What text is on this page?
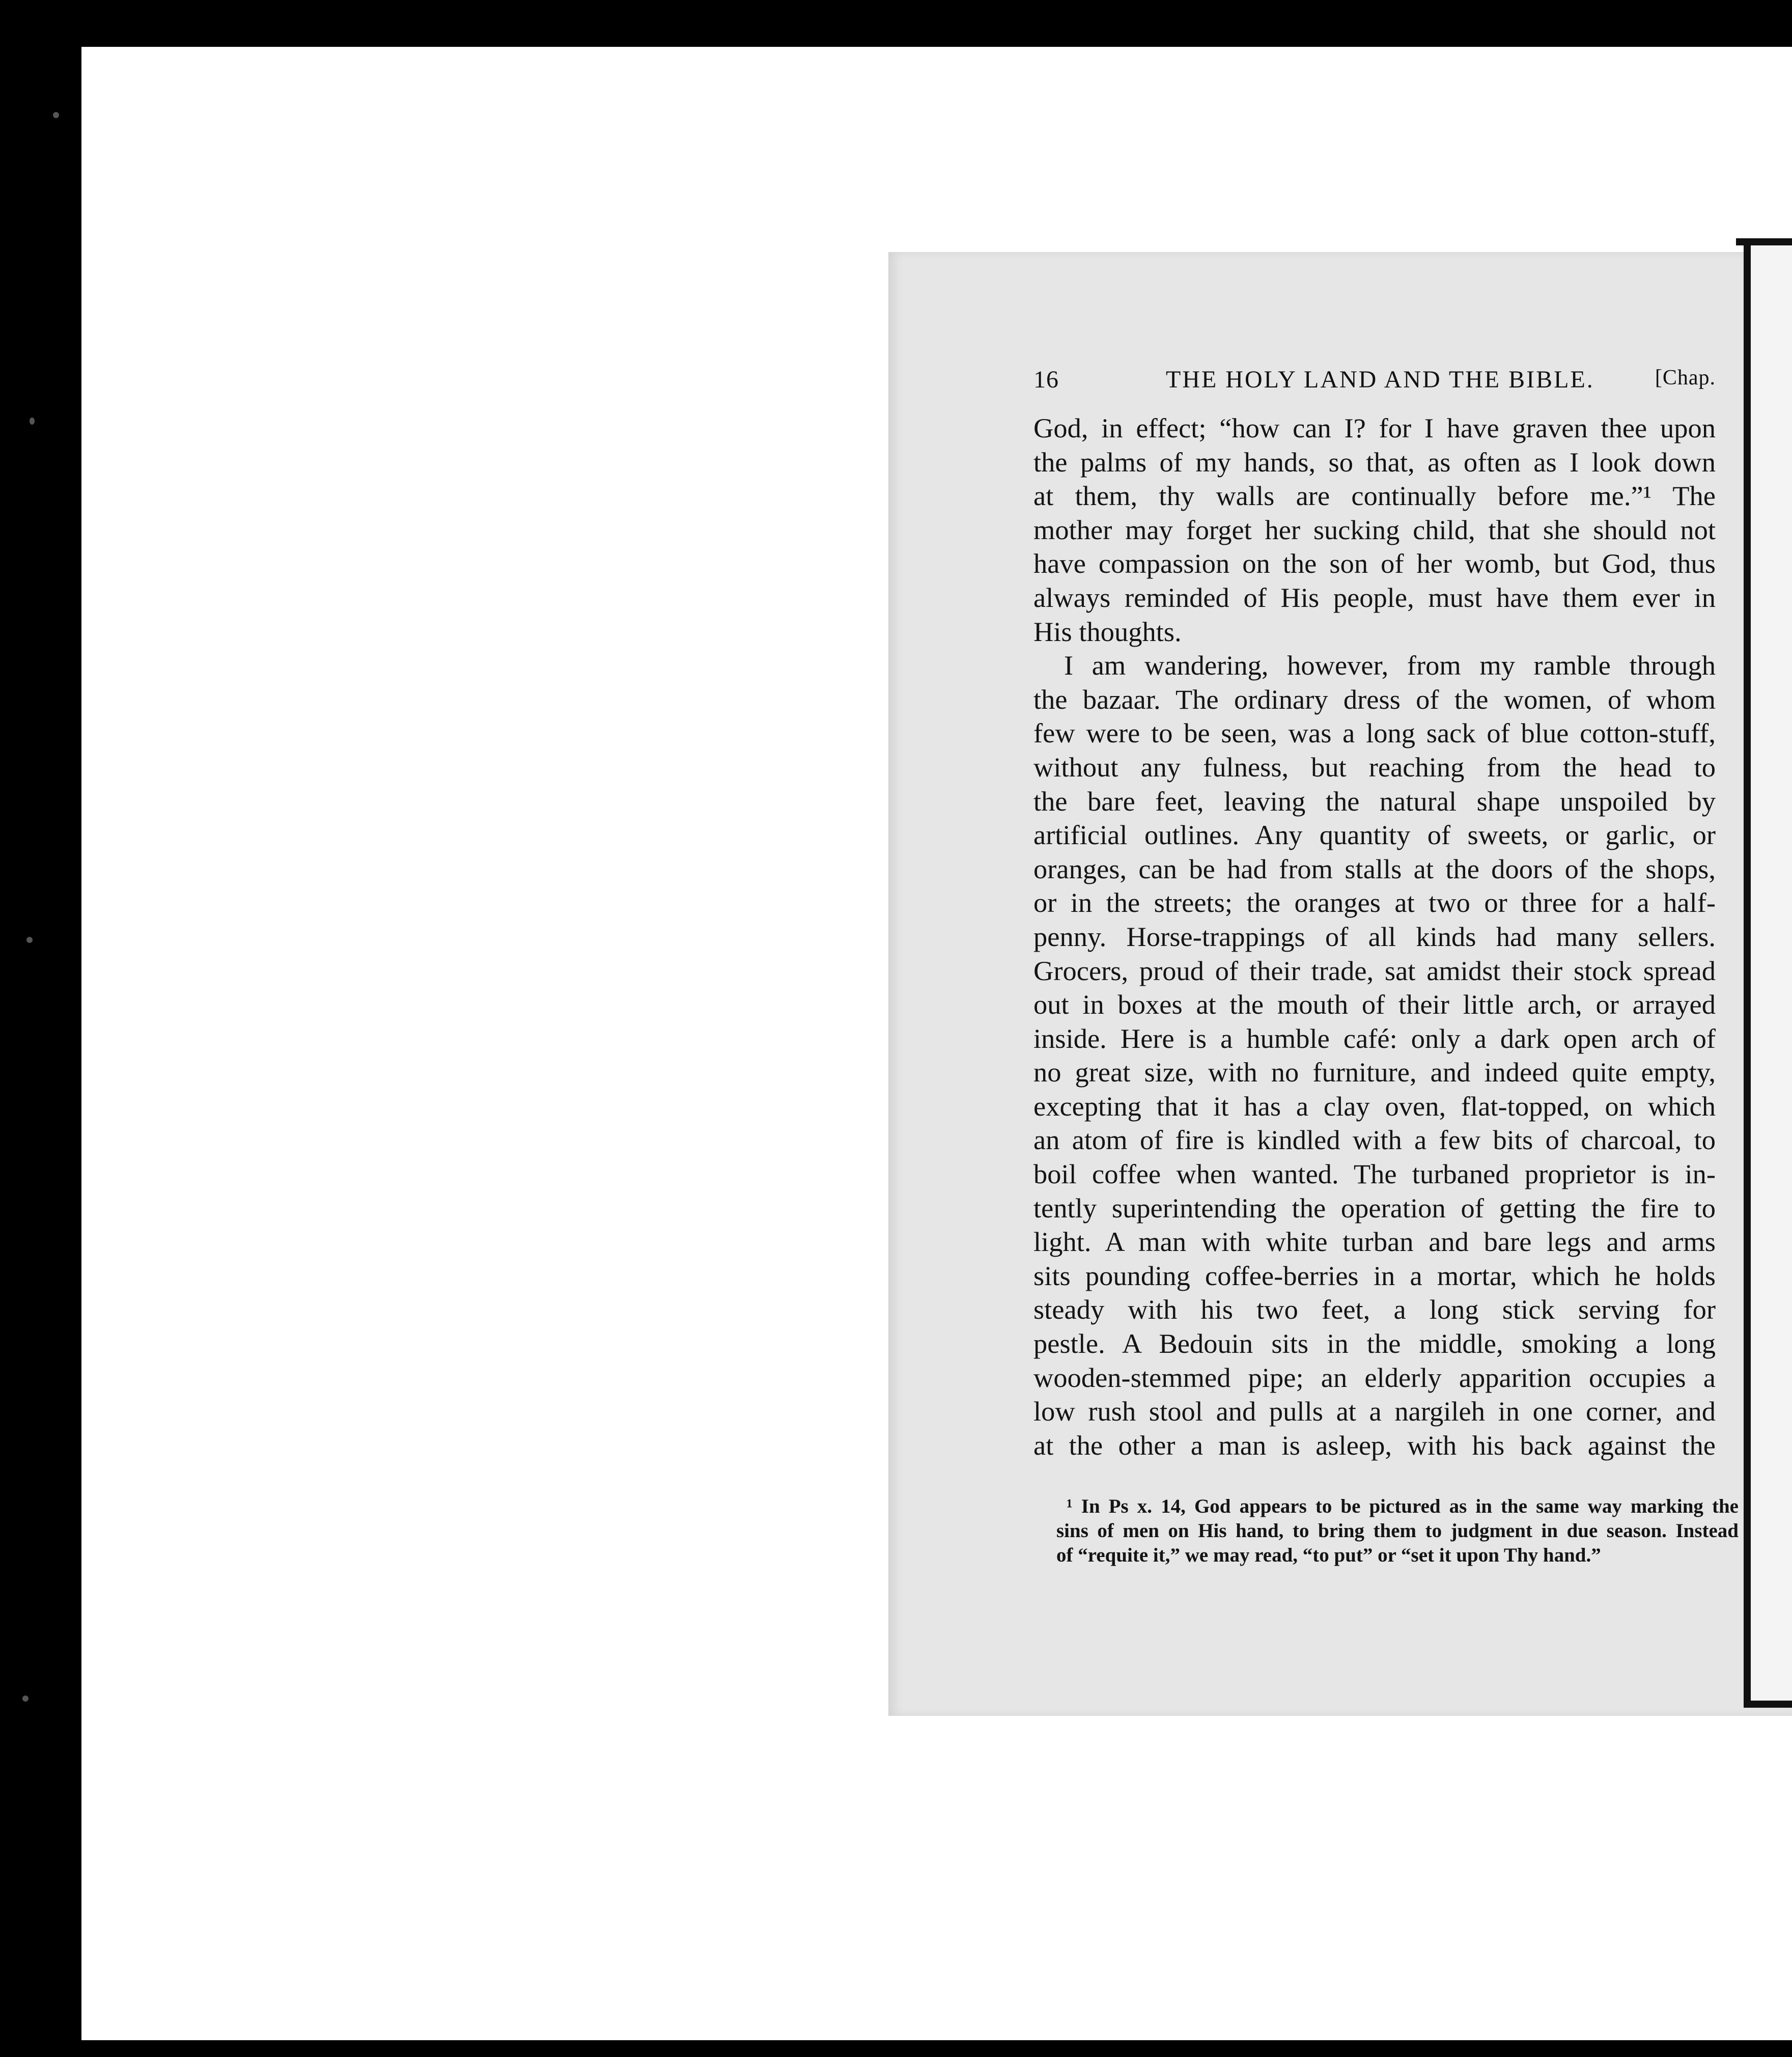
16	THE HOLY LAND AND THE BIBLE.	[Chap.
God, in effect; “how can I? for I have graven thee upon
the palms of my hands, so that, as often as I look down
at them, thy walls are continually before me.”¹ The
mother may forget her sucking child, that she should not
have compassion on the son of her womb, but God, thus
always reminded of His people, must have them ever in
His thoughts.
I am wandering, however, from my ramble through
the bazaar. The ordinary dress of the women, of whom
few were to be seen, was a long sack of blue cotton-stuff,
without any fulness, but reaching from the head to
the bare feet, leaving the natural shape unspoiled by
artificial outlines. Any quantity of sweets, or garlic, or
oranges, can be had from stalls at the doors of the shops,
or in the streets; the oranges at two or three for a half-
penny. Horse-trappings of all kinds had many sellers.
Grocers, proud of their trade, sat amidst their stock spread
out in boxes at the mouth of their little arch, or arrayed
inside. Here is a humble café: only a dark open arch of
no great size, with no furniture, and indeed quite empty,
excepting that it has a clay oven, flat-topped, on which
an atom of fire is kindled with a few bits of charcoal, to
boil coffee when wanted. The turbaned proprietor is in-
tently superintending the operation of getting the fire to
light. A man with white turban and bare legs and arms
sits pounding coffee-berries in a mortar, which he holds
steady with his two feet, a long stick serving for
pestle. A Bedouin sits in the middle, smoking a long
wooden-stemmed pipe; an elderly apparition occupies a
low rush stool and pulls at a nargileh in one corner, and
at the other a man is asleep, with his back against the
¹ In Ps x. 14, God appears to be pictured as in the same way marking the
sins of men on His hand, to bring them to judgment in due season. Instead
of “requite it,” we may read, “to put” or “set it upon Thy hand.”
